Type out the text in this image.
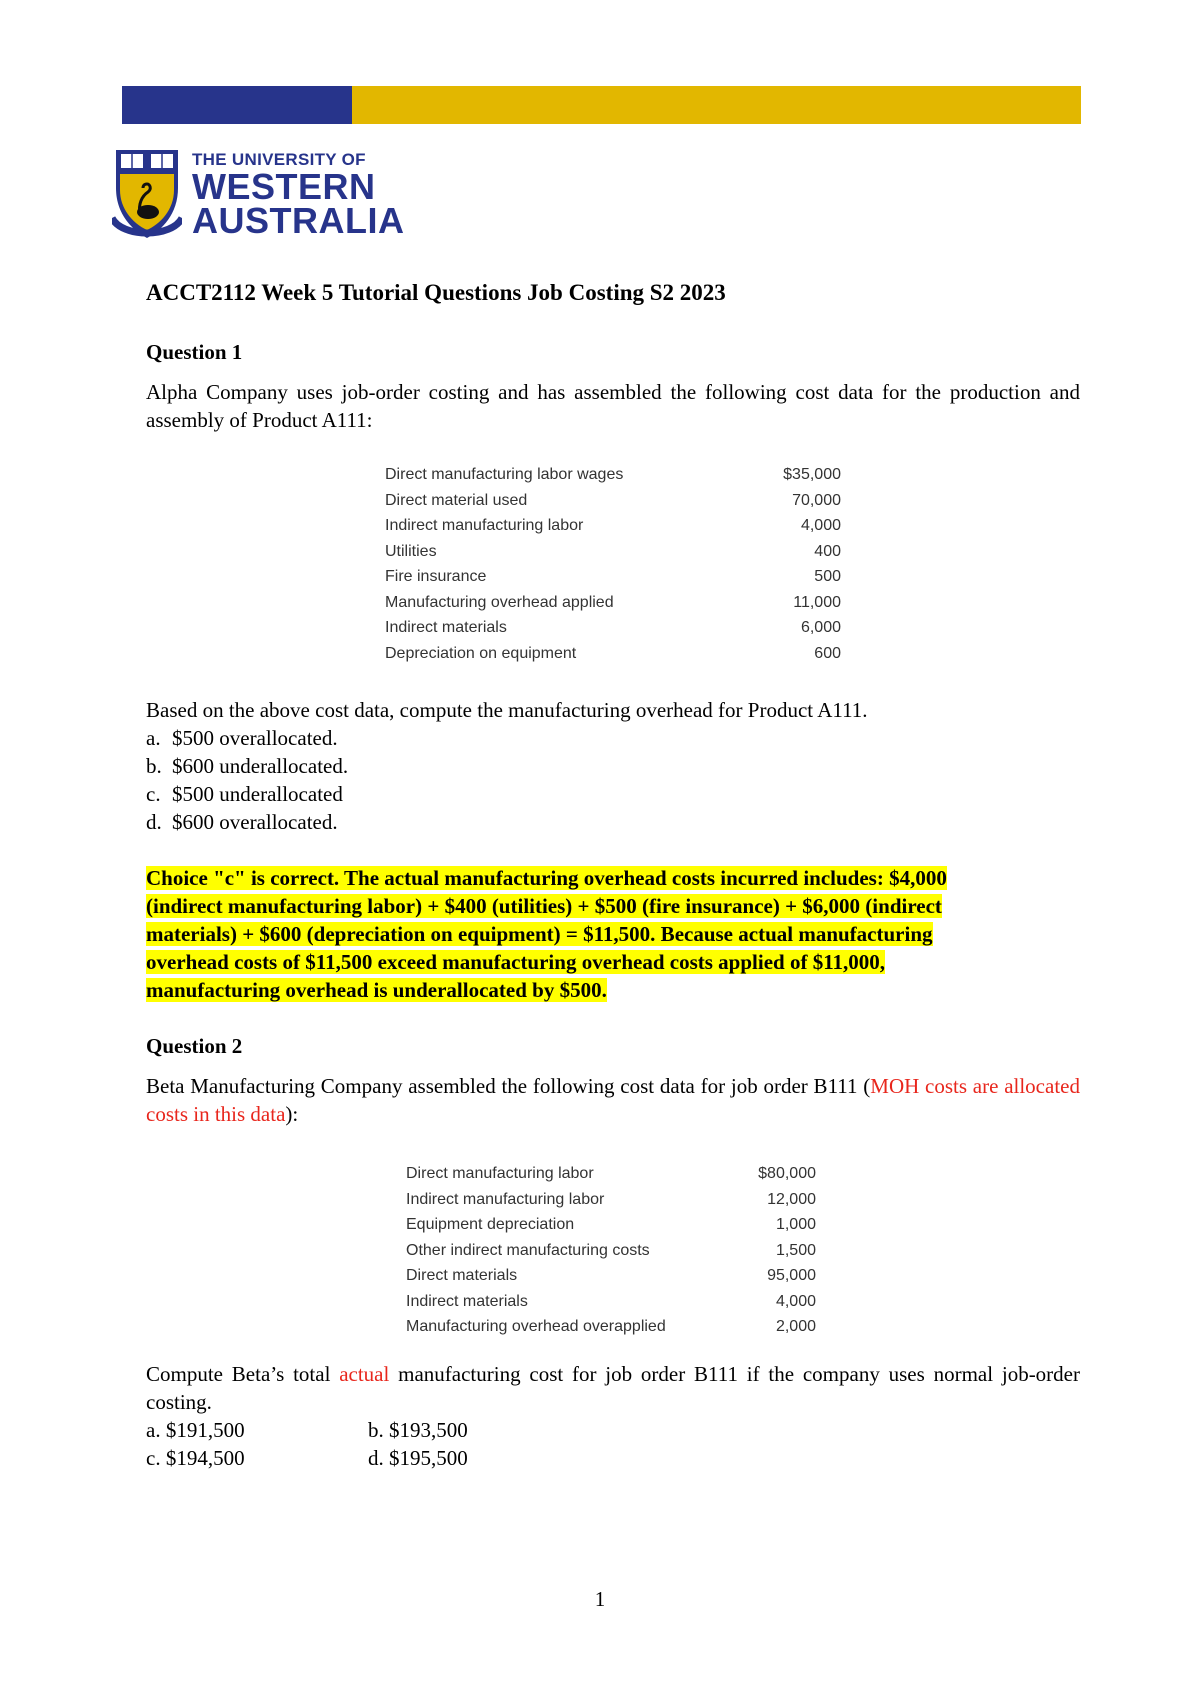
THE UNIVERSITY OF
WESTERN
AUSTRALIA
ACCT2112 Week 5 Tutorial Questions Job Costing S2 2023
Question 1
Alpha Company uses job-order costing and has assembled the following cost data for the production and assembly of Product A111:
Direct manufacturing labor wages	$35,000
Direct material used	70,000
Indirect manufacturing labor	4,000
Utilities	400
Fire insurance	500
Manufacturing overhead applied	11,000
Indirect materials	6,000
Depreciation on equipment	600
Based on the above cost data, compute the manufacturing overhead for Product A111.
a. $500 overallocated.
b. $600 underallocated.
c. $500 underallocated
d. $600 overallocated.
Choice "c" is correct. The actual manufacturing overhead costs incurred includes: $4,000
(indirect manufacturing labor) + $400 (utilities) + $500 (fire insurance) + $6,000 (indirect
materials) + $600 (depreciation on equipment) = $11,500. Because actual manufacturing
overhead costs of $11,500 exceed manufacturing overhead costs applied of $11,000,
manufacturing overhead is underallocated by $500.
Question 2
Beta Manufacturing Company assembled the following cost data for job order B111 (MOH costs are allocated costs in this data):
Direct manufacturing labor	$80,000
Indirect manufacturing labor	12,000
Equipment depreciation	1,000
Other indirect manufacturing costs	1,500
Direct materials	95,000
Indirect materials	4,000
Manufacturing overhead overapplied	2,000
Compute Beta’s total actual manufacturing cost for job order B111 if the company uses normal job-order costing.
a. $191,500	b. $193,500
c. $194,500	d. $195,500
1
